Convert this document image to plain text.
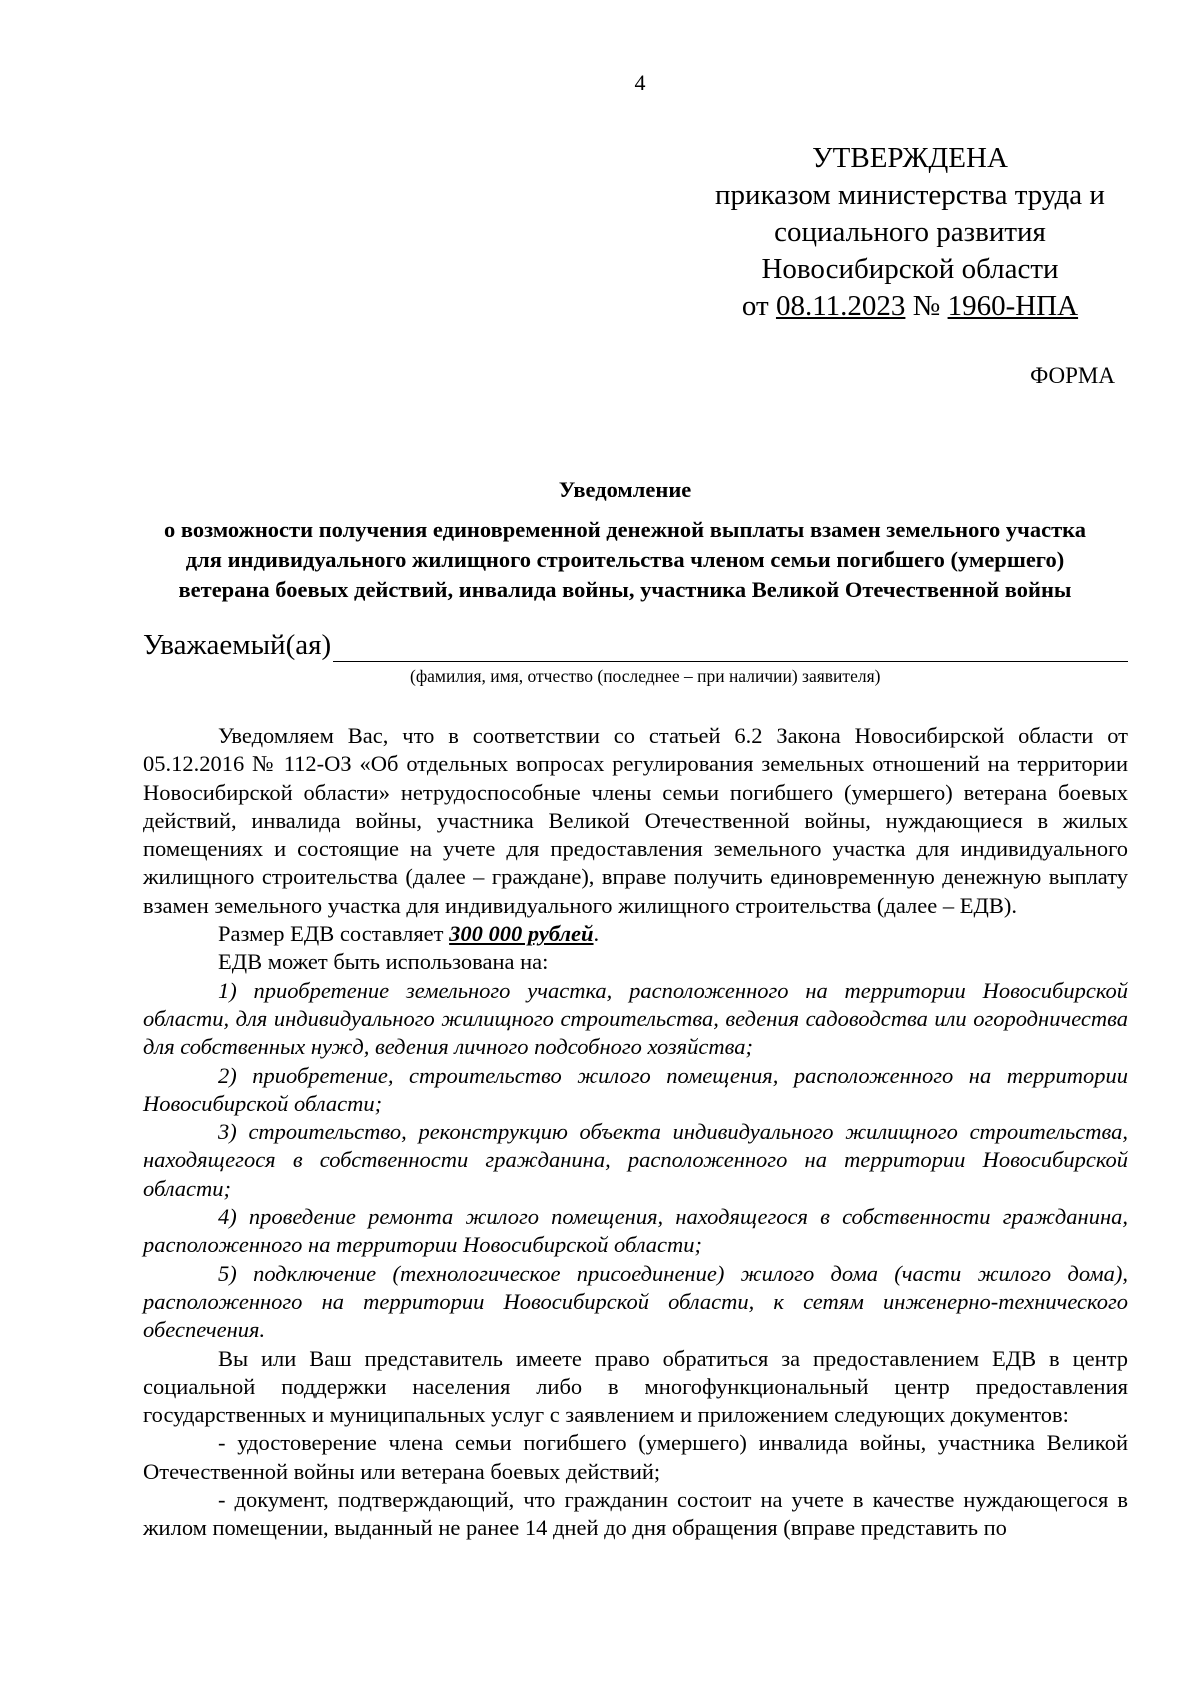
4
УТВЕРЖДЕНА
приказом министерства труда и
социального развития
Новосибирской области
от 08.11.2023 № 1960-НПА
ФОРМА
Уведомление
о возможности получения единовременной денежной выплаты взамен земельного участка
для индивидуального жилищного строительства членом семьи погибшего (умершего)
ветерана боевых действий, инвалида войны, участника Великой Отечественной войны
Уважаемый(ая)
(фамилия, имя, отчество (последнее – при наличии) заявителя)

Уведомляем Вас, что в соответствии со статьей 6.2 Закона Новосибирской области от 05.12.2016 № 112-ОЗ «Об отдельных вопросах регулирования земельных отношений на территории Новосибирской области» нетрудоспособные члены семьи погибшего (умершего) ветерана боевых действий, инвалида войны, участника Великой Отечественной войны, нуждающиеся в жилых помещениях и состоящие на учете для предоставления земельного участка для индивидуального жилищного строительства (далее – граждане), вправе получить единовременную денежную выплату взамен земельного участка для индивидуального жилищного строительства (далее – ЕДВ).

Размер ЕДВ составляет 300 000 рублей.

ЕДВ может быть использована на:

1) приобретение земельного участка, расположенного на территории Новосибирской области, для индивидуального жилищного строительства, ведения садоводства или огородничества для собственных нужд, ведения личного подсобного хозяйства;

2) приобретение, строительство жилого помещения, расположенного на территории Новосибирской области;

3) строительство, реконструкцию объекта индивидуального жилищного строительства, находящегося в собственности гражданина, расположенного на территории Новосибирской области;

4) проведение ремонта жилого помещения, находящегося в собственности гражданина, расположенного на территории Новосибирской области;

5) подключение (технологическое присоединение) жилого дома (части жилого дома), расположенного на территории Новосибирской области, к сетям инженерно-технического обеспечения.

Вы или Ваш представитель имеете право обратиться за предоставлением ЕДВ в центр социальной поддержки населения либо в многофункциональный центр предоставления государственных и муниципальных услуг с заявлением и приложением следующих документов:

- удостоверение члена семьи погибшего (умершего) инвалида войны, участника Великой Отечественной войны или ветерана боевых действий;

- документ, подтверждающий, что гражданин состоит на учете в качестве нуждающегося в жилом помещении, выданный не ранее 14 дней до дня обращения (вправе представить по
